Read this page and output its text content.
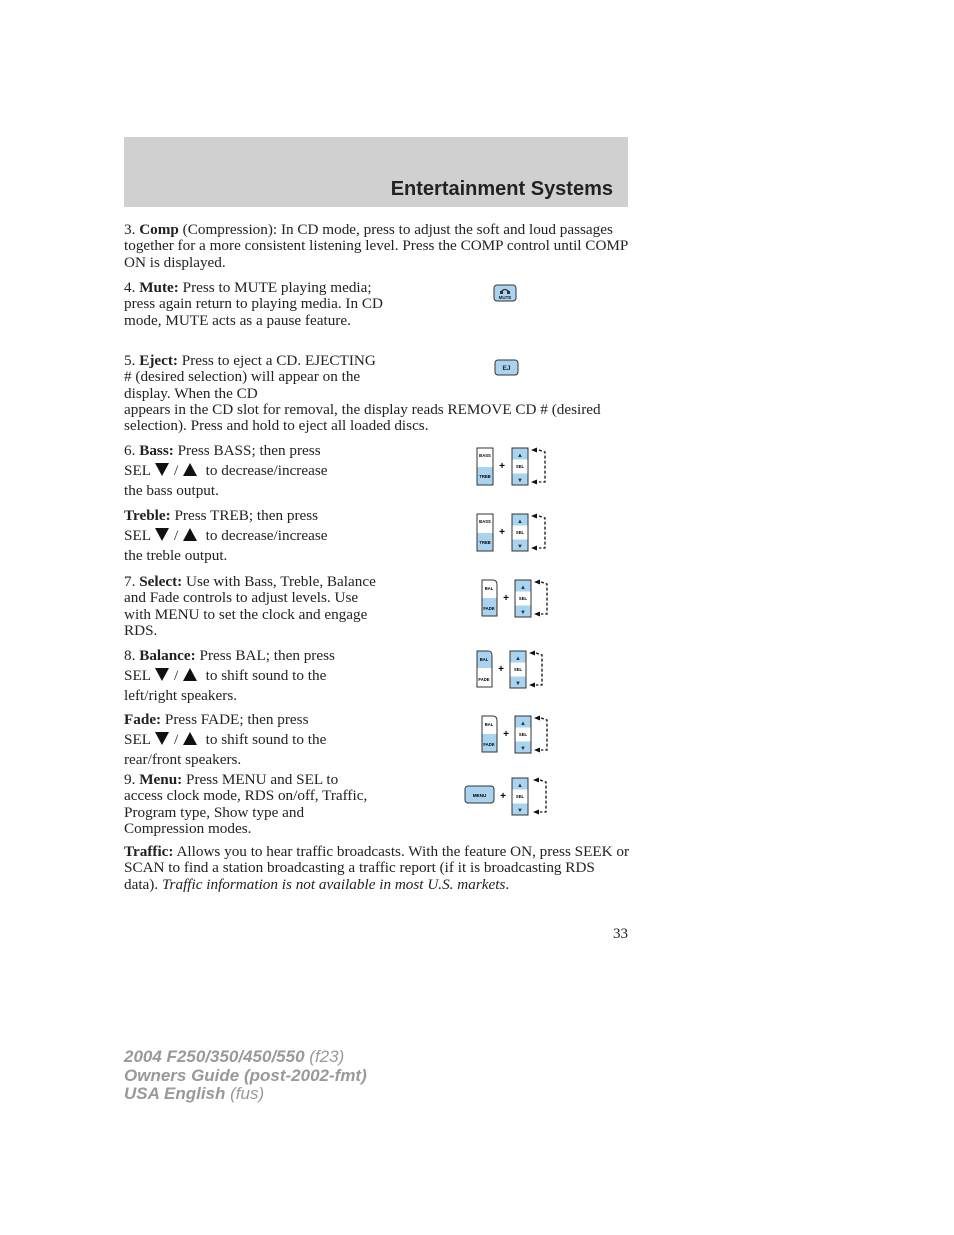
Entertainment Systems
3. Comp (Compression): In CD mode, press to adjust the soft and loud passages together for a more consistent listening level. Press the COMP control until COMP ON is displayed.
4. Mute: Press to MUTE playing media; press again return to playing media. In CD mode, MUTE acts as a pause feature.
MUTE
5. Eject: Press to eject a CD. EJECTING # (desired selection) will appear on the display. When the CD
appears in the CD slot for removal, the display reads REMOVE CD # (desired selection). Press and hold to eject all loaded discs.
EJ
6. Bass: Press BASS; then press
SEL / to decrease/increase
the bass output.
BASS
TREB
+
▲
SEL
▼
Treble: Press TREB; then press
SEL / to decrease/increase
the treble output.
BASS
TREB
+
▲
SEL
▼
7. Select: Use with Bass, Treble, Balance and Fade controls to adjust levels. Use with MENU to set the clock and engage RDS.
BAL
FADE
+
▲
SEL
▼
8. Balance: Press BAL; then press
SEL / to shift sound to the
left/right speakers.
BAL
FADE
+
▲
SEL
▼
Fade: Press FADE; then press
SEL / to shift sound to the
rear/front speakers.
BAL
FADE
+
▲
SEL
▼
9. Menu: Press MENU and SEL to access clock mode, RDS on/off, Traffic, Program type, Show type and Compression modes.
MENU +
▲
SEL
▼
Traffic: Allows you to hear traffic broadcasts. With the feature ON, press SEEK or SCAN to find a station broadcasting a traffic report (if it is broadcasting RDS data). Traffic information is not available in most U.S. markets.
33
2004 F250/350/450/550 (f23)
Owners Guide (post-2002-fmt)
USA English (fus)
